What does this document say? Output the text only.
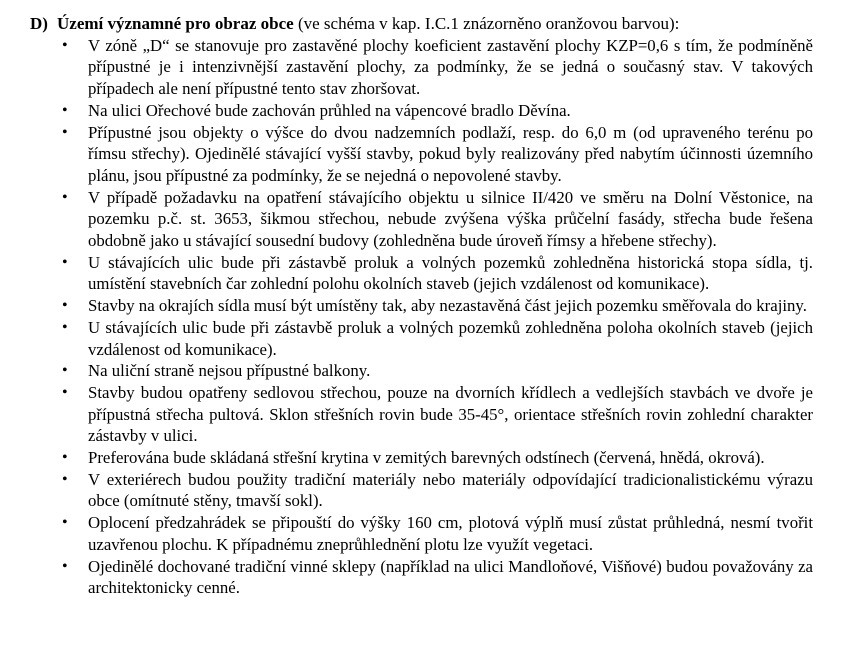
D) Území významné pro obraz obce (ve schéma v kap. I.C.1 znázorněno oranžovou barvou):
• V zóně „D“ se stanovuje pro zastavěné plochy koeficient zastavění plochy KZP=0,6 s tím, že podmíněně přípustné je i intenzivnější zastavění plochy, za podmínky, že se jedná o současný stav. V takových případech ale není přípustné tento stav zhoršovat.
• Na ulici Ořechové bude zachován průhled na vápencové bradlo Děvína.
• Přípustné jsou objekty o výšce do dvou nadzemních podlaží, resp. do 6,0 m (od upraveného terénu po římsu střechy). Ojedinělé stávající vyšší stavby, pokud byly realizovány před nabytím účinnosti územního plánu, jsou přípustné za podmínky, že se nejedná o nepovolené stavby.
• V případě požadavku na opatření stávajícího objektu u silnice II/420 ve směru na Dolní Věstonice, na pozemku p.č. st. 3653, šikmou střechou, nebude zvýšena výška průčelní fasády, střecha bude řešena obdobně jako u stávající sousední budovy (zohledněna bude úroveň římsy a hřebene střechy).
• U stávajících ulic bude při zástavbě proluk a volných pozemků zohledněna historická stopa sídla, tj. umístění stavebních čar zohlední polohu okolních staveb (jejich vzdálenost od komunikace).
• Stavby na okrajích sídla musí být umístěny tak, aby nezastavěná část jejich pozemku směřovala do krajiny.
• U stávajících ulic bude při zástavbě proluk a volných pozemků zohledněna poloha okolních staveb (jejich vzdálenost od komunikace).
• Na uliční straně nejsou přípustné balkony.
• Stavby budou opatřeny sedlovou střechou, pouze na dvorních křídlech a vedlejších stavbách ve dvoře je přípustná střecha pultová. Sklon střešních rovin bude 35-45°, orientace střešních rovin zohlední charakter zástavby v ulici.
• Preferována bude skládaná střešní krytina v zemitých barevných odstínech (červená, hnědá, okrová).
• V exteriérech budou použity tradiční materiály nebo materiály odpovídající tradicionalistickému výrazu obce (omítnuté stěny, tmavší sokl).
• Oplocení předzahrádek se připouští do výšky 160 cm, plotová výplň musí zůstat průhledná, nesmí tvořit uzavřenou plochu. K případnému zneprůhlednění plotu lze využít vegetaci.
• Ojedinělé dochované tradiční vinné sklepy (například na ulici Mandloňové, Višňové) budou považovány za architektonicky cenné.
